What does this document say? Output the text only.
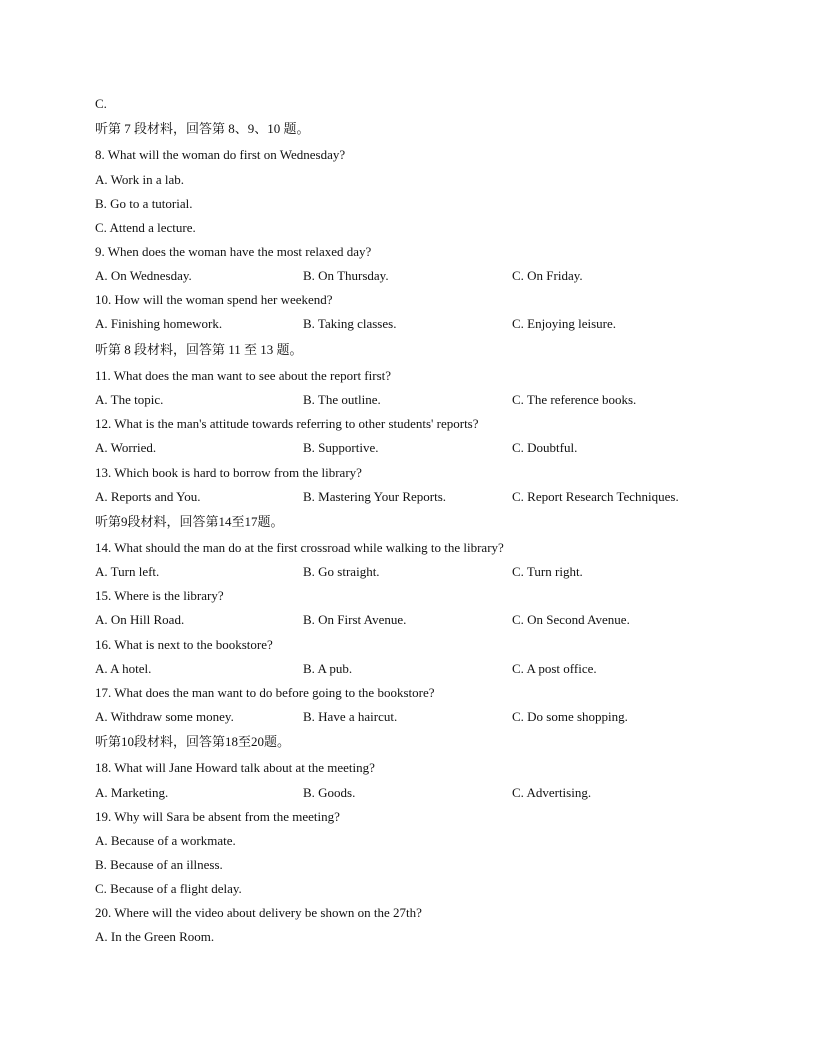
C.
听第 7 段材料，回答第 8、9、10 题。
8. What will the woman do first on Wednesday?
A. Work in a lab.
B. Go to a tutorial.
C. Attend a lecture.
9. When does the woman have the most relaxed day?
A. On Wednesday.	B. On Thursday.	C. On Friday.
10. How will the woman spend her weekend?
A. Finishing homework.	B. Taking classes.	C. Enjoying leisure.
听第 8 段材料，回答第 11 至 13 题。
11. What does the man want to see about the report first?
A. The topic.	B. The outline.	C. The reference books.
12. What is the man's attitude towards referring to other students' reports?
A. Worried.	B. Supportive.	C. Doubtful.
13. Which book is hard to borrow from the library?
A. Reports and You.	B. Mastering Your Reports.	C. Report Research Techniques.
听第9段材料，回答第14至17题。
14. What should the man do at the first crossroad while walking to the library?
A. Turn left.	B. Go straight.	C. Turn right.
15. Where is the library?
A. On Hill Road.	B. On First Avenue.	C. On Second Avenue.
16. What is next to the bookstore?
A. A hotel.	B. A pub.	C. A post office.
17. What does the man want to do before going to the bookstore?
A. Withdraw some money.	B. Have a haircut.	C. Do some shopping.
听第10段材料，回答第18至20题。
18. What will Jane Howard talk about at the meeting?
A. Marketing.	B. Goods.	C. Advertising.
19. Why will Sara be absent from the meeting?
A. Because of a workmate.
B. Because of an illness.
C. Because of a flight delay.
20. Where will the video about delivery be shown on the 27th?
A. In the Green Room.
